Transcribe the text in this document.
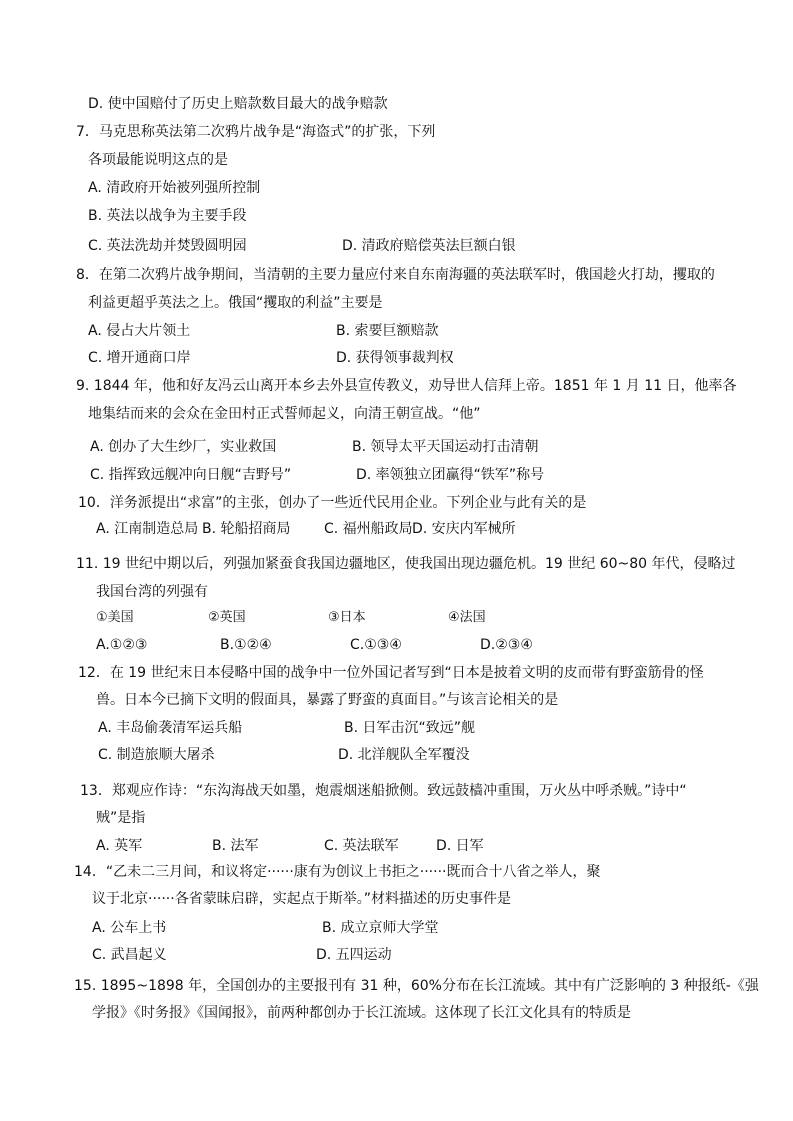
D. 使中国赔付了历史上赔款数目最大的战争赔款
7．马克思称英法第二次鸦片战争是“海盗式”的扩张，下列
各项最能说明这点的是
A. 清政府开始被列强所控制
B. 英法以战争为主要手段
C. 英法洗劫并焚毁圆明园	D. 清政府赔偿英法巨额白银
8．在第二次鸦片战争期间，当清朝的主要力量应付来自东南海疆的英法联军时，俄国趁火打劫，攫取的
利益更超乎英法之上。俄国“攫取的利益”主要是
A. 侵占大片领土	B. 索要巨额赔款
C. 增开通商口岸	D. 获得领事裁判权
9. 1844 年，他和好友冯云山离开本乡去外县宣传教义，劝导世人信拜上帝。1851 年 1 月 11 日，他率各
地集结而来的会众在金田村正式誓师起义，向清王朝宣战。“他”
A. 创办了大生纱厂，实业救国	B. 领导太平天国运动打击清朝
C. 指挥致远舰冲向日舰“吉野号”	D. 率领独立团赢得“铁军”称号
10．洋务派提出“求富”的主张，创办了一些近代民用企业。下列企业与此有关的是
A. 江南制造总局 B. 轮船招商局 C. 福州船政局 D. 安庆内军械所
11. 19 世纪中期以后，列强加紧蚕食我国边疆地区，使我国出现边疆危机。19 世纪 60~80 年代，侵略过
我国台湾的列强有
①美国	②英国	③日本	④法国
A.①②③	B.①②④	C.①③④	D.②③④
12．在 19 世纪末日本侵略中国的战争中一位外国记者写到“日本是披着文明的皮而带有野蛮筋骨的怪
兽。日本今已摘下文明的假面具，暴露了野蛮的真面目。”与该言论相关的是
A. 丰岛偷袭清军运兵船	B. 日军击沉“致远”舰
C. 制造旅顺大屠杀	D. 北洋舰队全军覆没
13．郑观应作诗：“东沟海战天如墨，炮震烟迷船掀侧。致远鼓樯冲重围，万火丛中呼杀贼。”诗中“
贼”是指
A. 英军	B. 法军	C. 英法联军	D. 日军
14．“乙未二三月间，和议将定······康有为创议上书拒之······既而合十八省之举人，聚
议于北京······各省蒙昧启辟，实起点于斯举。”材料描述的历史事件是
A. 公车上书	B. 成立京师大学堂
C. 武昌起义	D. 五四运动
15. 1895~1898 年，全国创办的主要报刊有 31 种，60%分布在长江流域。其中有广泛影响的 3 种报纸-《强
学报》《时务报》《国闻报》，前两种都创办于长江流域。这体现了长江文化具有的特质是
